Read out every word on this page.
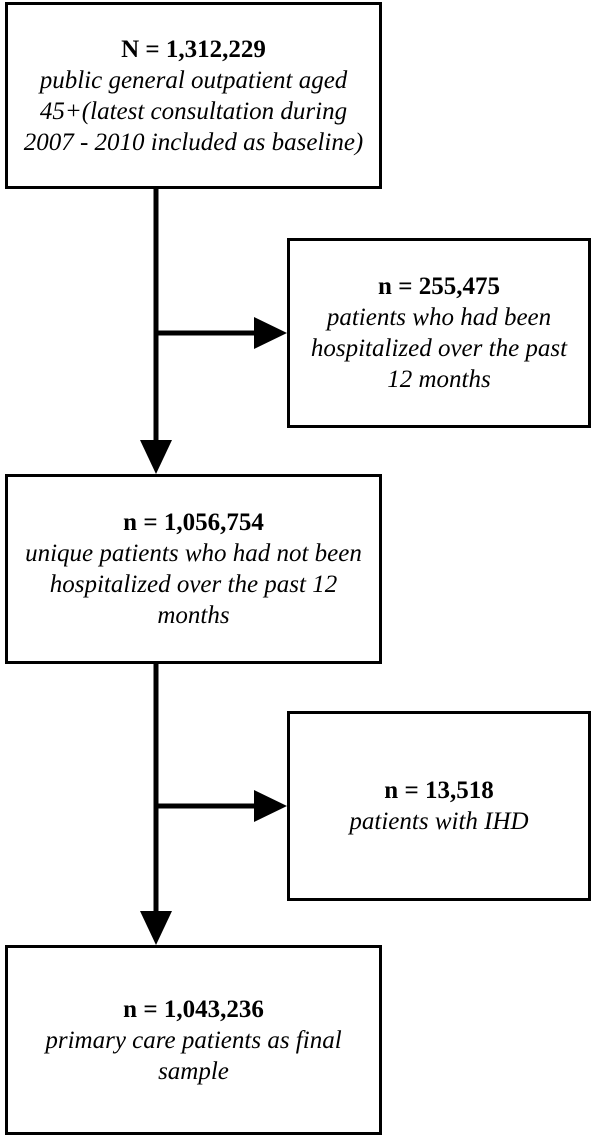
N = 1,312,229
public general outpatient aged 45+(latest consultation during 2007 - 2010 included as baseline)
n = 255,475
patients who had been hospitalized over the past 12 months
n = 1,056,754
unique patients who had not been hospitalized over the past 12 months
n = 13,518
patients with IHD
n = 1,043,236
primary care patients as final sample
